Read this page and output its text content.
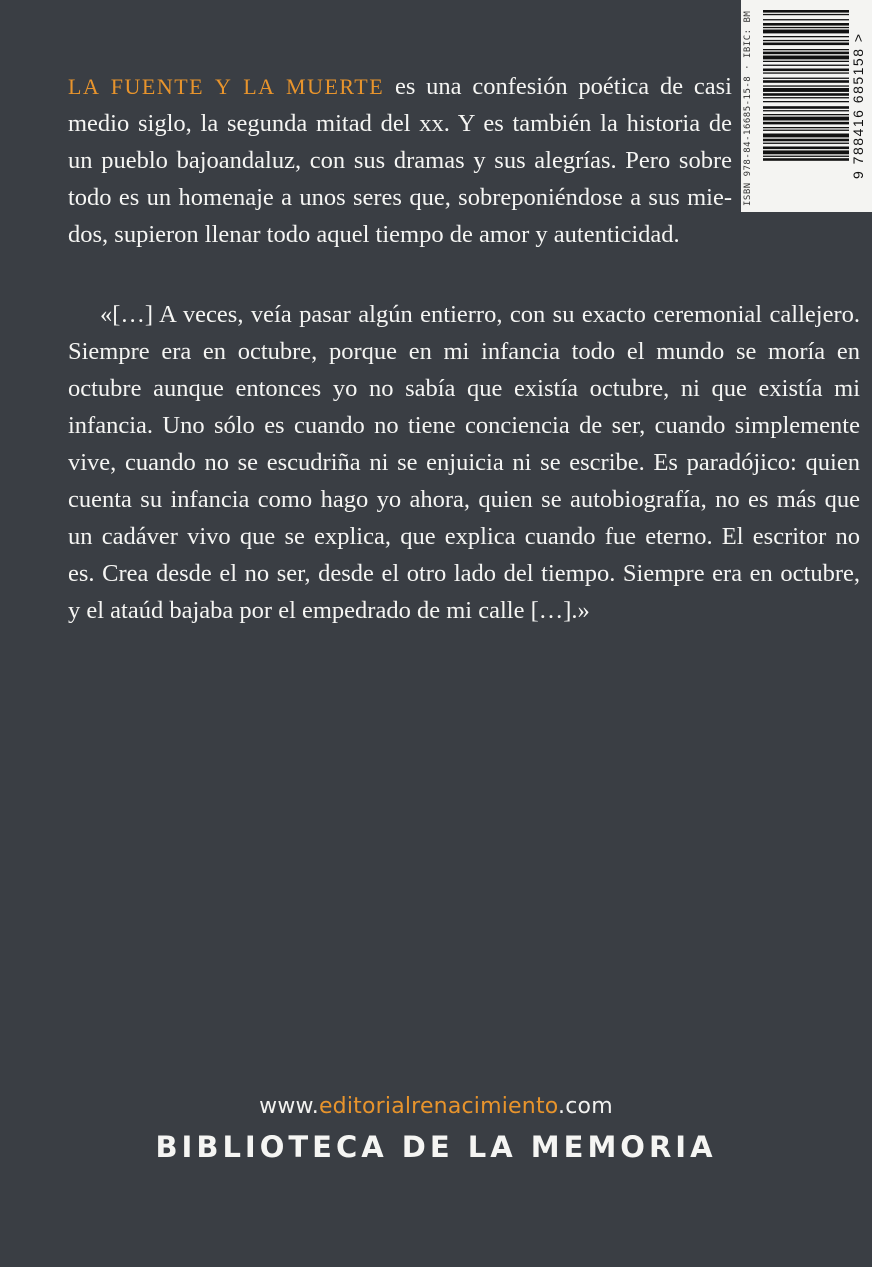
ISBN 978-84-16685-15-8 · IBIC: BM	9 788416 685158 >
LA FUENTE Y LA MUERTE es una confesión poética de casi
medio siglo, la segunda mitad del xx. Y es también la historia de
un pueblo bajoandaluz, con sus dramas y sus alegrías. Pero sobre
todo es un homenaje a unos seres que, sobreponiéndose a sus mie-
dos, supieron llenar todo aquel tiempo de amor y autenticidad.
«[…] A veces, veía pasar algún entierro, con su exacto ceremonial callejero.
Siempre era en octubre, porque en mi infancia todo el mundo se moría en
octubre aunque entonces yo no sabía que existía octubre, ni que existía mi
infancia. Uno sólo es cuando no tiene conciencia de ser, cuando simplemente
vive, cuando no se escudriña ni se enjuicia ni se escribe. Es paradójico: quien
cuenta su infancia como hago yo ahora, quien se autobiografía, no es más que
un cadáver vivo que se explica, que explica cuando fue eterno. El escritor no
es. Crea desde el no ser, desde el otro lado del tiempo. Siempre era en octubre,
y el ataúd bajaba por el empedrado de mi calle […].»
www.editorialrenacimiento.com
BIBLIOTECA DE LA MEMORIA
